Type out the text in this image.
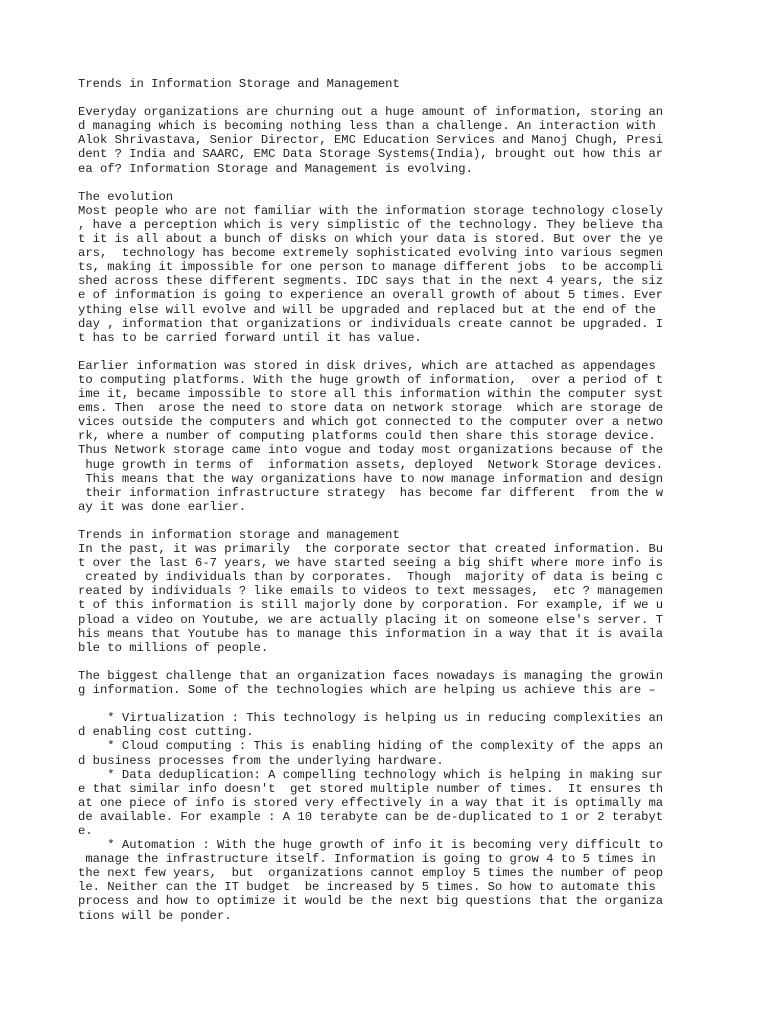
Trends in Information Storage and Management
Everyday organizations are churning out a huge amount of information, storing an
d managing which is becoming nothing less than a challenge. An interaction with
Alok Shrivastava, Senior Director, EMC Education Services and Manoj Chugh, Presi
dent ? India and SAARC, EMC Data Storage Systems(India), brought out how this ar
ea of? Information Storage and Management is evolving.
The evolution
Most people who are not familiar with the information storage technology closely
, have a perception which is very simplistic of the technology. They believe tha
t it is all about a bunch of disks on which your data is stored. But over the ye
ars,  technology has become extremely sophisticated evolving into various segmen
ts, making it impossible for one person to manage different jobs  to be accompli
shed across these different segments. IDC says that in the next 4 years, the siz
e of information is going to experience an overall growth of about 5 times. Ever
ything else will evolve and will be upgraded and replaced but at the end of the
day , information that organizations or individuals create cannot be upgraded. I
t has to be carried forward until it has value.
Earlier information was stored in disk drives, which are attached as appendages
to computing platforms. With the huge growth of information,  over a period of t
ime it, became impossible to store all this information within the computer syst
ems. Then  arose the need to store data on network storage  which are storage de
vices outside the computers and which got connected to the computer over a netwo
rk, where a number of computing platforms could then share this storage device.
Thus Network storage came into vogue and today most organizations because of the
huge growth in terms of  information assets, deployed  Network Storage devices.
This means that the way organizations have to now manage information and design
their information infrastructure strategy  has become far different  from the w
ay it was done earlier.
Trends in information storage and management
In the past, it was primarily  the corporate sector that created information. Bu
t over the last 6-7 years, we have started seeing a big shift where more info is
created by individuals than by corporates.  Though  majority of data is being c
reated by individuals ? like emails to videos to text messages,  etc ? managemen
t of this information is still majorly done by corporation. For example, if we u
pload a video on Youtube, we are actually placing it on someone else's server. T
his means that Youtube has to manage this information in a way that it is availa
ble to millions of people.
The biggest challenge that an organization faces nowadays is managing the growin
g information. Some of the technologies which are helping us achieve this are –
* Virtualization : This technology is helping us in reducing complexities an
d enabling cost cutting.
* Cloud computing : This is enabling hiding of the complexity of the apps an
d business processes from the underlying hardware.
* Data deduplication: A compelling technology which is helping in making sur
e that similar info doesn't  get stored multiple number of times.  It ensures th
at one piece of info is stored very effectively in a way that it is optimally ma
de available. For example : A 10 terabyte can be de-duplicated to 1 or 2 terabyt
e.
* Automation : With the huge growth of info it is becoming very difficult to
manage the infrastructure itself. Information is going to grow 4 to 5 times in
the next few years,  but  organizations cannot employ 5 times the number of peop
le. Neither can the IT budget  be increased by 5 times. So how to automate this
process and how to optimize it would be the next big questions that the organiza
tions will be ponder.
